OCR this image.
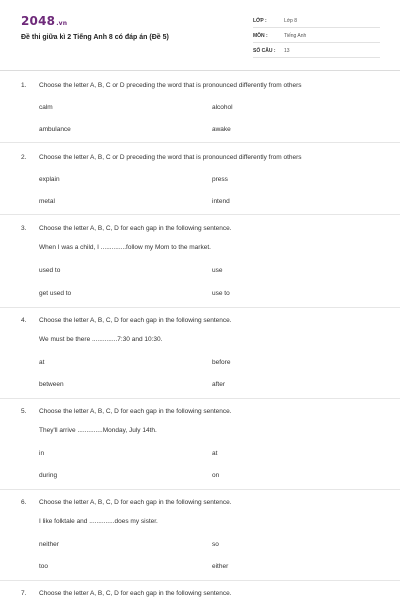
2048.vn
Đề thi giữa kì 2 Tiếng Anh 8 có đáp án (Đề 5)
LỚP :	Lớp 8
MÔN :	Tiếng Anh
SỐ CÂU : 13
1. Choose the letter A, B, C or D preceding the word that is pronounced differently from others
calm	alcohol
ambulance	awake
2. Choose the letter A, B, C or D preceding the word that is pronounced differently from others
explain	press
metal	intend
3. Choose the letter A, B, C, D for each gap in the following sentence.
When I was a child, I ..............follow my Mom to the market.
used to	use
get used to	use to
4. Choose the letter A, B, C, D for each gap in the following sentence.
We must be there ..............7:30 and 10:30.
at	before
between	after
5. Choose the letter A, B, C, D for each gap in the following sentence.
They'll arrive ..............Monday, July 14th.
in	at
during	on
6. Choose the letter A, B, C, D for each gap in the following sentence.
I like folktale and ..............does my sister.
neither	so
too	either
7. Choose the letter A, B, C, D for each gap in the following sentence.
